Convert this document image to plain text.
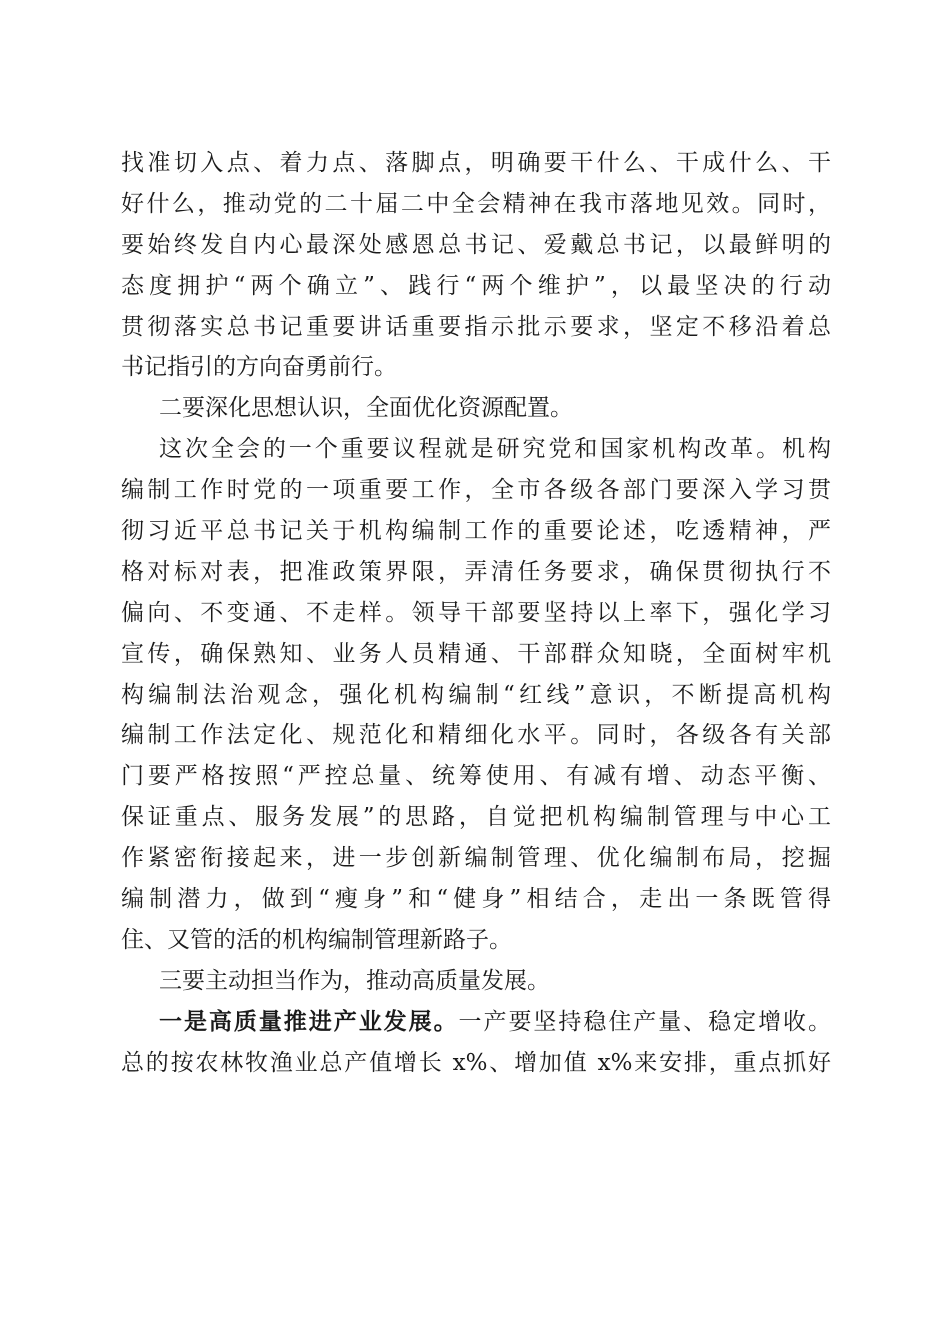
找准切入点、着力点、落脚点，明确要干什么、干成什么、干
好什么，推动党的二十届二中全会精神在我市落地见效。同时，
要始终发自内心最深处感恩总书记、爱戴总书记，以最鲜明的
态度拥护“两个确立”、践行“两个维护”，以最坚决的行动
贯彻落实总书记重要讲话重要指示批示要求，坚定不移沿着总
书记指引的方向奋勇前行。
二要深化思想认识，全面优化资源配置。
这次全会的一个重要议程就是研究党和国家机构改革。机构
编制工作时党的一项重要工作，全市各级各部门要深入学习贯
彻习近平总书记关于机构编制工作的重要论述，吃透精神，严
格对标对表，把准政策界限，弄清任务要求，确保贯彻执行不
偏向、不变通、不走样。领导干部要坚持以上率下，强化学习
宣传，确保熟知、业务人员精通、干部群众知晓，全面树牢机
构编制法治观念，强化机构编制“红线”意识，不断提高机构
编制工作法定化、规范化和精细化水平。同时，各级各有关部
门要严格按照“严控总量、统筹使用、有减有增、动态平衡、
保证重点、服务发展”的思路，自觉把机构编制管理与中心工
作紧密衔接起来，进一步创新编制管理、优化编制布局，挖掘
编制潜力，做到“瘦身”和“健身”相结合，走出一条既管得
住、又管的活的机构编制管理新路子。
三要主动担当作为，推动高质量发展。
一是高质量推进产业发展。一产要坚持稳住产量、稳定增收。
总的按农林牧渔业总产值增长 x%、增加值 x%来安排，重点抓好
